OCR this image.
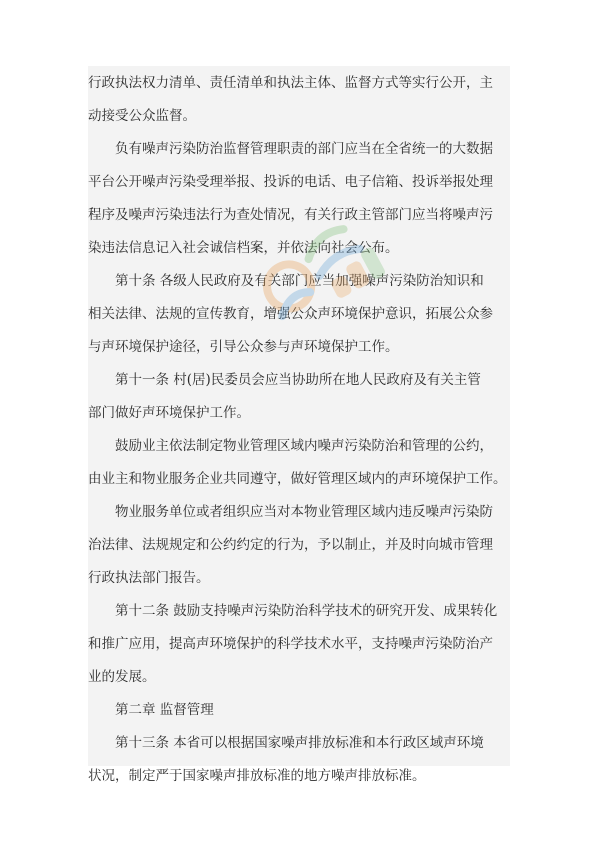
行政执法权力清单、责任清单和执法主体、监督方式等实行公开，主
动接受公众监督。
负有噪声污染防治监督管理职责的部门应当在全省统一的大数据
平台公开噪声污染受理举报、投诉的电话、电子信箱、投诉举报处理
程序及噪声污染违法行为查处情况，有关行政主管部门应当将噪声污
染违法信息记入社会诚信档案，并依法向社会公布。
第十条 各级人民政府及有关部门应当加强噪声污染防治知识和
相关法律、法规的宣传教育，增强公众声环境保护意识，拓展公众参
与声环境保护途径，引导公众参与声环境保护工作。
第十一条 村(居)民委员会应当协助所在地人民政府及有关主管
部门做好声环境保护工作。
鼓励业主依法制定物业管理区域内噪声污染防治和管理的公约，
由业主和物业服务企业共同遵守，做好管理区域内的声环境保护工作。
物业服务单位或者组织应当对本物业管理区域内违反噪声污染防
治法律、法规规定和公约约定的行为，予以制止，并及时向城市管理
行政执法部门报告。
第十二条 鼓励支持噪声污染防治科学技术的研究开发、成果转化
和推广应用，提高声环境保护的科学技术水平，支持噪声污染防治产
业的发展。
第二章 监督管理
第十三条 本省可以根据国家噪声排放标准和本行政区域声环境
状况，制定严于国家噪声排放标准的地方噪声排放标准。
